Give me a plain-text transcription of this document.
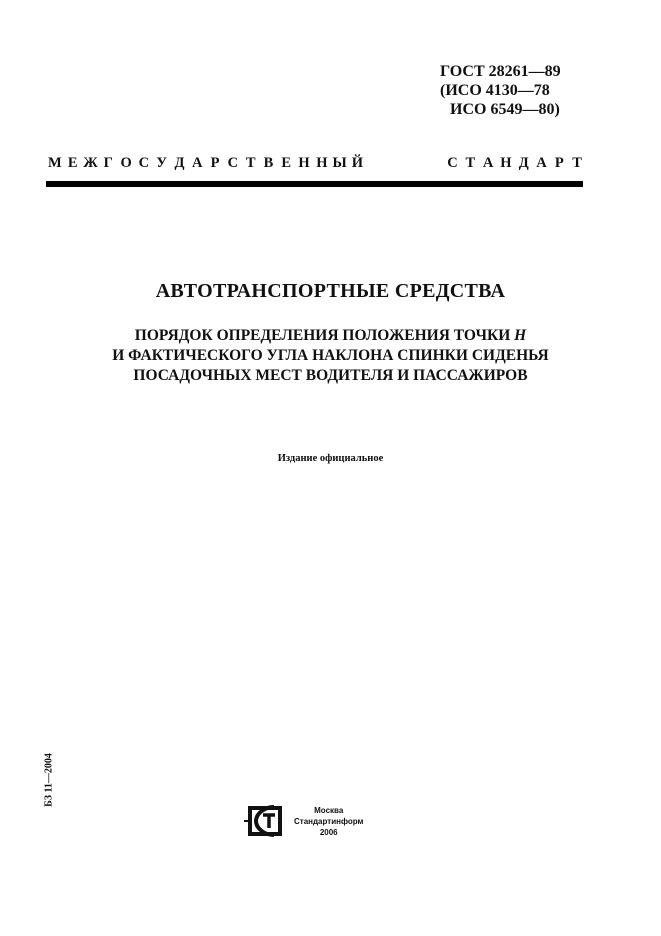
ГОСТ 28261—89
(ИСО 4130—78
ИСО 6549—80)
М Е Ж Г О С У Д А Р С Т В Е Н Н Ы Й	С Т А Н Д А Р Т
АВТОТРАНСПОРТНЫЕ СРЕДСТВА
ПОРЯДОК ОПРЕДЕЛЕНИЯ ПОЛОЖЕНИЯ ТОЧКИ Н
И ФАКТИЧЕСКОГО УГЛА НАКЛОНА СПИНКИ СИДЕНЬЯ
ПОСАДОЧНЫХ МЕСТ ВОДИТЕЛЯ И ПАССАЖИРОВ
Издание официальное
БЗ 11—2004
Москва
Стандартинформ
2006
